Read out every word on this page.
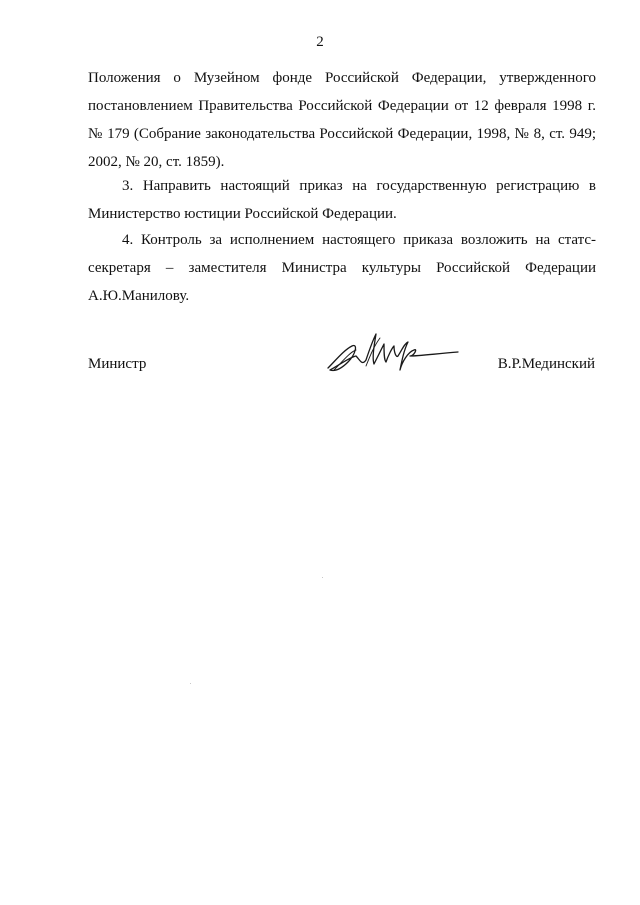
2

Положения о Музейном фонде Российской Федерации, утвержденного постановлением Правительства Российской Федерации от 12 февраля 1998 г. № 179 (Собрание законодательства Российской Федерации, 1998, № 8, ст. 949; 2002, № 20, ст. 1859).

3. Направить настоящий приказ на государственную регистрацию в Министерство юстиции Российской Федерации.

4. Контроль за исполнением настоящего приказа возложить на статс-секретаря – заместителя Министра культуры Российской Федерации А.Ю.Манилову.

Министр	В.Р.Мединский
